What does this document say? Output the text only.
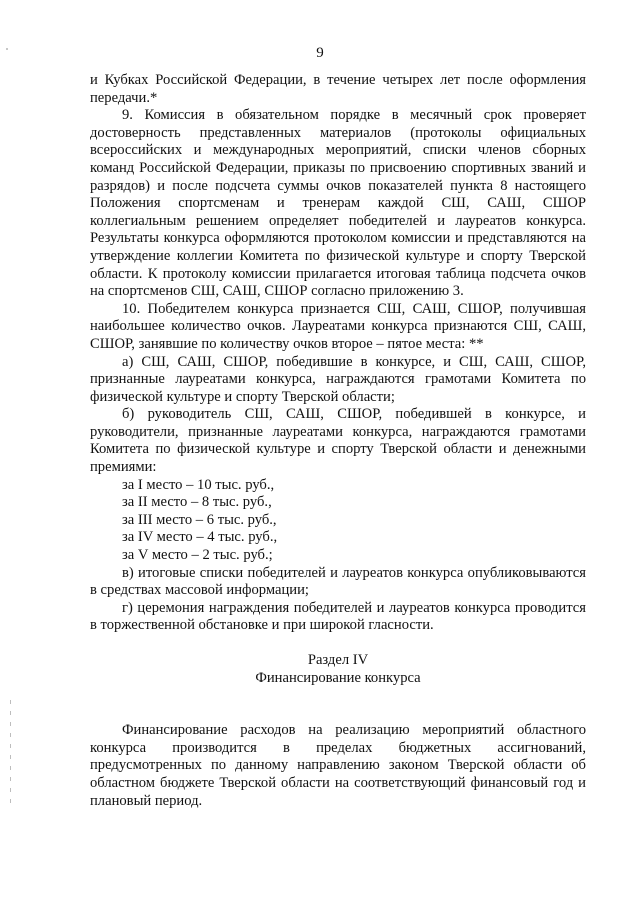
9

и Кубках Российской Федерации, в течение четырех лет после оформления передачи.*

9. Комиссия в обязательном порядке в месячный срок проверяет достоверность представленных материалов (протоколы официальных всероссийских и международных мероприятий, списки членов сборных команд Российской Федерации, приказы по присвоению спортивных званий и разрядов) и после подсчета суммы очков показателей пункта 8 настоящего Положения спортсменам и тренерам каждой СШ, САШ, СШОР коллегиальным решением определяет победителей и лауреатов конкурса. Результаты конкурса оформляются протоколом комиссии и представляются на утверждение коллегии Комитета по физической культуре и спорту Тверской области. К протоколу комиссии прилагается итоговая таблица подсчета очков на спортсменов СШ, САШ, СШОР согласно приложению 3.

10. Победителем конкурса признается СШ, САШ, СШОР, получившая наибольшее количество очков. Лауреатами конкурса признаются СШ, САШ, СШОР, занявшие по количеству очков второе – пятое места: **

а) СШ, САШ, СШОР, победившие в конкурсе, и СШ, САШ, СШОР, признанные лауреатами конкурса, награждаются грамотами Комитета по физической культуре и спорту Тверской области;

б) руководитель СШ, САШ, СШОР, победившей в конкурсе, и руководители, признанные лауреатами конкурса, награждаются грамотами Комитета по физической культуре и спорту Тверской области и денежными премиями:

за I место – 10 тыс. руб.,

за II место – 8 тыс. руб.,

за III место – 6 тыс. руб.,

за IV место – 4 тыс. руб.,

за V место – 2 тыс. руб.;

в) итоговые списки победителей и лауреатов конкурса опубликовываются в средствах массовой информации;

г) церемония награждения победителей и лауреатов конкурса проводится в торжественной обстановке и при широкой гласности.

Раздел IV

Финансирование конкурса

Финансирование расходов на реализацию мероприятий областного конкурса производится в пределах бюджетных ассигнований, предусмотренных по данному направлению законом Тверской области об областном бюджете Тверской области на соответствующий финансовый год и плановый период.
